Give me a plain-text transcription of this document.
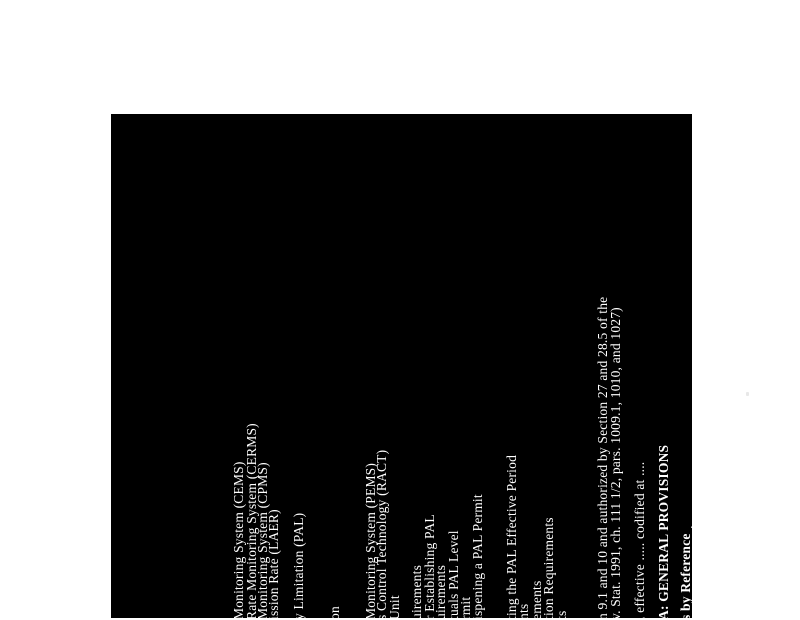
Monitoring System (CEMS)
Rate Monitoring System (CERMS)
Monitoring System (CPMS)
ission Rate (LAER) y Limitation (PAL) on Monitoring System (PEMS)
s Control Technology (RACT)
Unit uirements
r Establishing PAL
uirements
tuals PAL Level
rmit
ispening a PAL Permit ting the PAL Effective Period
nts
ements
tion Requirements
ts n 9.1 and 10 and authorized by Section 27 and 28.5 of the
v. Stat. 1991, ch. 111 1/2, pars. 1009.1, 1010, and 1027) , effective ..... codified at .... A: GENERAL PROVISIONS s by Reference ted by reference. These incorporations do not include any
4
